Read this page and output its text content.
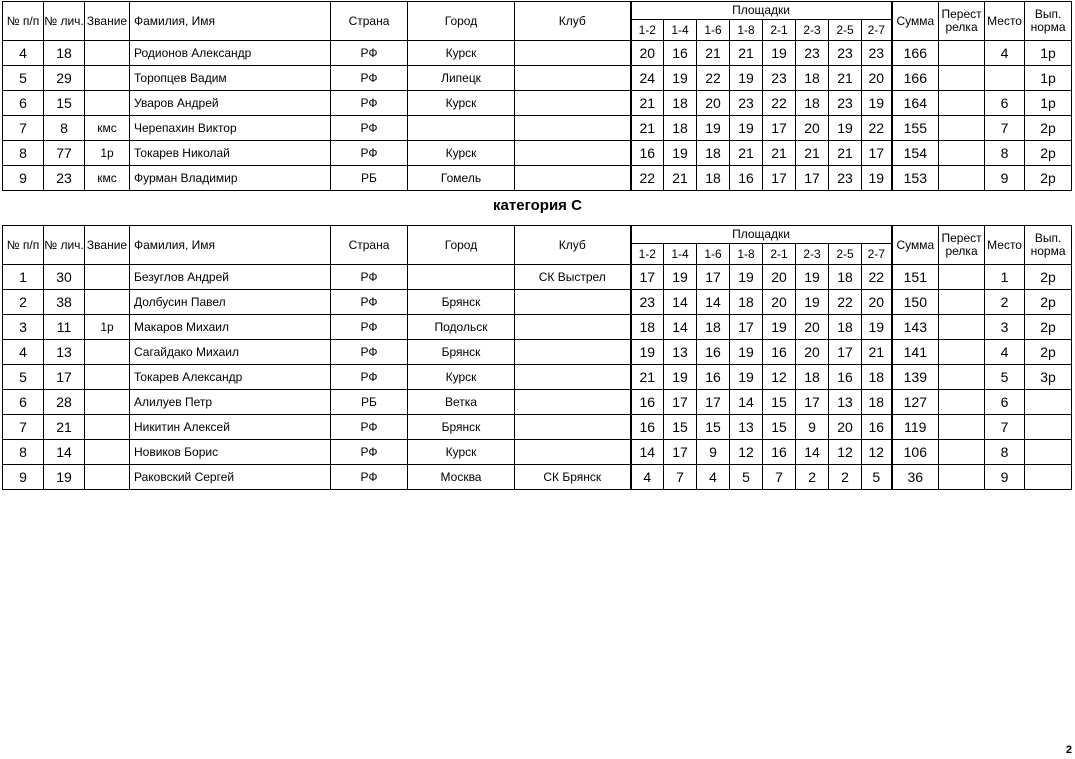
№ п/п	№ лич.	Звание	Фамилия, Имя	Страна	Город	Клуб	Площадки								Сумма	Перест релка	Место	Вып. норма
							1-2	1-4	1-6	1-8	2-1	2-3	2-5	2-7				
4	18		Родионов Александр	РФ	Курск		20	16	21	21	19	23	23	23	166		4	1р
5	29		Торопцев Вадим	РФ	Липецк		24	19	22	19	23	18	21	20	166			1р
6	15		Уваров Андрей	РФ	Курск		21	18	20	23	22	18	23	19	164		6	1р
7	8	кмс	Черепахин Виктор	РФ			21	18	19	19	17	20	19	22	155		7	2р
8	77	1р	Токарев Николай	РФ	Курск		16	19	18	21	21	21	21	17	154		8	2р
9	23	кмс	Фурман Владимир	РБ	Гомель		22	21	18	16	17	17	23	19	153		9	2р
категория С
№ п/п	№ лич.	Звание	Фамилия, Имя	Страна	Город	Клуб	Площадки								Сумма	Перест релка	Место	Вып. норма
							1-2	1-4	1-6	1-8	2-1	2-3	2-5	2-7				
1	30		Безуглов Андрей	РФ		СК Выстрел	17	19	17	19	20	19	18	22	151		1	2р
2	38		Долбусин Павел	РФ	Брянск		23	14	14	18	20	19	22	20	150		2	2р
3	11	1р	Макаров Михаил	РФ	Подольск		18	14	18	17	19	20	18	19	143		3	2р
4	13		Сагайдако Михаил	РФ	Брянск		19	13	16	19	16	20	17	21	141		4	2р
5	17		Токарев Александр	РФ	Курск		21	19	16	19	12	18	16	18	139		5	3р
6	28		Алилуев Петр	РБ	Ветка		16	17	17	14	15	17	13	18	127		6	
7	21		Никитин Алексей	РФ	Брянск		16	15	15	13	15	9	20	16	119		7	
8	14		Новиков Борис	РФ	Курск		14	17	9	12	16	14	12	12	106		8	
9	19		Раковский Сергей	РФ	Москва	СК Брянск	4	7	4	5	7	2	2	5	36		9	
2
